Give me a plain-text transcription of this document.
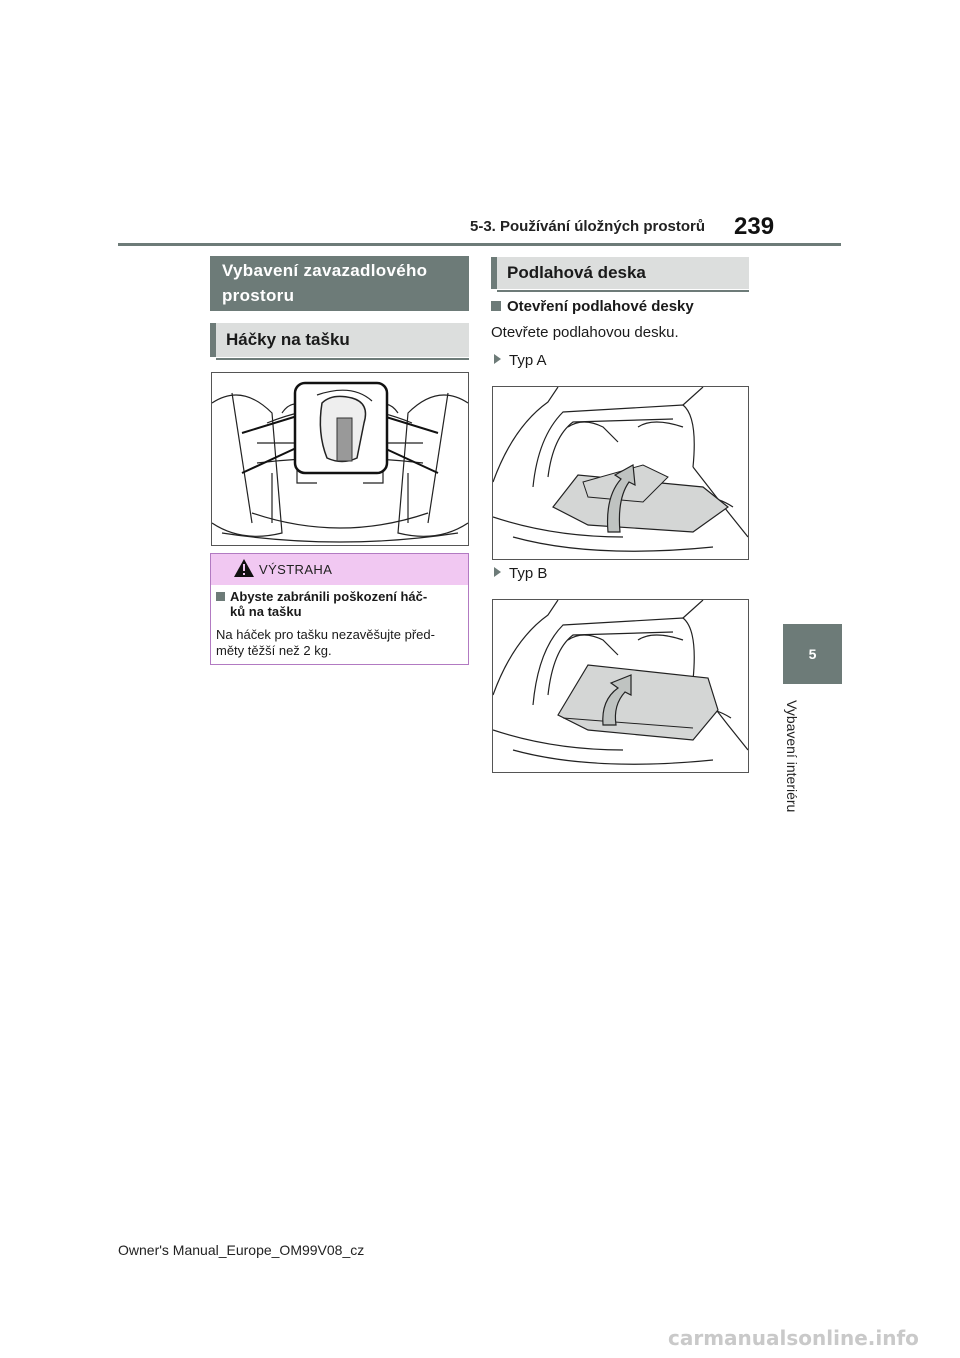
5-3. Používání úložných prostorů 239
5
Vybavení interiéru
Vybavení zavazadlového
prostoru
Háčky na tašku
VÝSTRAHA
Abyste zabránili poškození háč-
ků na tašku
Na háček pro tašku nezavěšujte před-
měty těžší než 2 kg.
Podlahová deska
Otevření podlahové desky
Otevřete podlahovou desku.
Typ A
Typ B
Owner's Manual_Europe_OM99V08_cz
carmanualsonline.info
